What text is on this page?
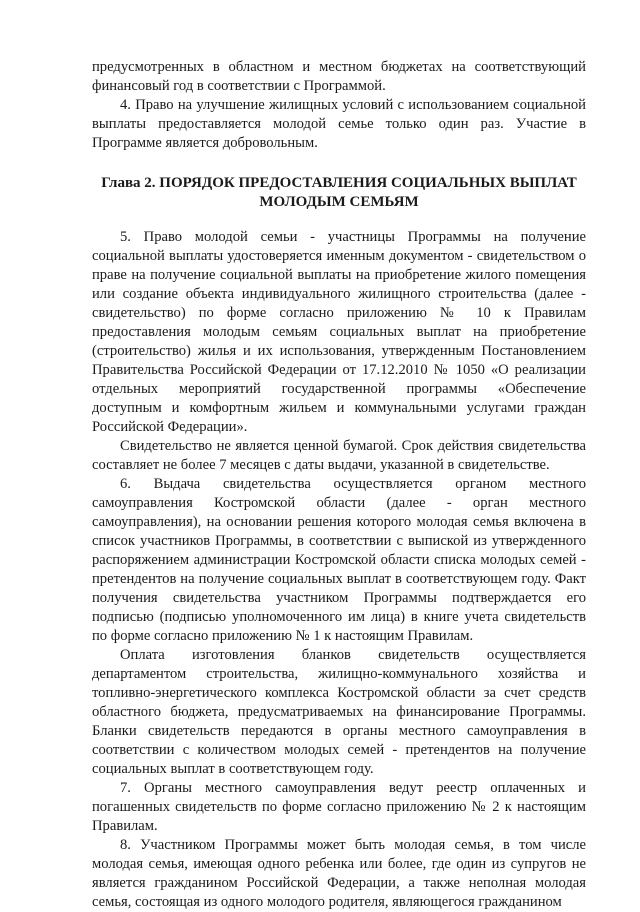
предусмотренных в областном и местном бюджетах на соответствующий финансовый год в соответствии с Программой.

4. Право на улучшение жилищных условий с использованием социальной выплаты предоставляется молодой семье только один раз. Участие в Программе является добровольным.

Глава 2. ПОРЯДОК ПРЕДОСТАВЛЕНИЯ СОЦИАЛЬНЫХ ВЫПЛАТ
МОЛОДЫМ СЕМЬЯМ

5. Право молодой семьи - участницы Программы на получение социальной выплаты удостоверяется именным документом - свидетельством о праве на получение социальной выплаты на приобретение жилого помещения или создание объекта индивидуального жилищного строительства (далее - свидетельство) по форме согласно приложению № 10 к Правилам предоставления молодым семьям социальных выплат на приобретение (строительство) жилья и их использования, утвержденным Постановлением Правительства Российской Федерации от 17.12.2010 № 1050 «О реализации отдельных мероприятий государственной программы «Обеспечение доступным и комфортным жильем и коммунальными услугами граждан Российской Федерации».

Свидетельство не является ценной бумагой. Срок действия свидетельства составляет не более 7 месяцев с даты выдачи, указанной в свидетельстве.

6. Выдача свидетельства осуществляется органом местного самоуправления Костромской области (далее - орган местного самоуправления), на основании решения которого молодая семья включена в список участников Программы, в соответствии с выпиской из утвержденного распоряжением администрации Костромской области списка молодых семей - претендентов на получение социальных выплат в соответствующем году. Факт получения свидетельства участником Программы подтверждается его подписью (подписью уполномоченного им лица) в книге учета свидетельств по форме согласно приложению № 1 к настоящим Правилам.

Оплата изготовления бланков свидетельств осуществляется департаментом строительства, жилищно-коммунального хозяйства и топливно-энергетического комплекса Костромской области за счет средств областного бюджета, предусматриваемых на финансирование Программы. Бланки свидетельств передаются в органы местного самоуправления в соответствии с количеством молодых семей - претендентов на получение социальных выплат в соответствующем году.

7. Органы местного самоуправления ведут реестр оплаченных и погашенных свидетельств по форме согласно приложению № 2 к настоящим Правилам.

8. Участником Программы может быть молодая семья, в том числе молодая семья, имеющая одного ребенка или более, где один из супругов не является гражданином Российской Федерации, а также неполная молодая семья, состоящая из одного молодого родителя, являющегося гражданином
